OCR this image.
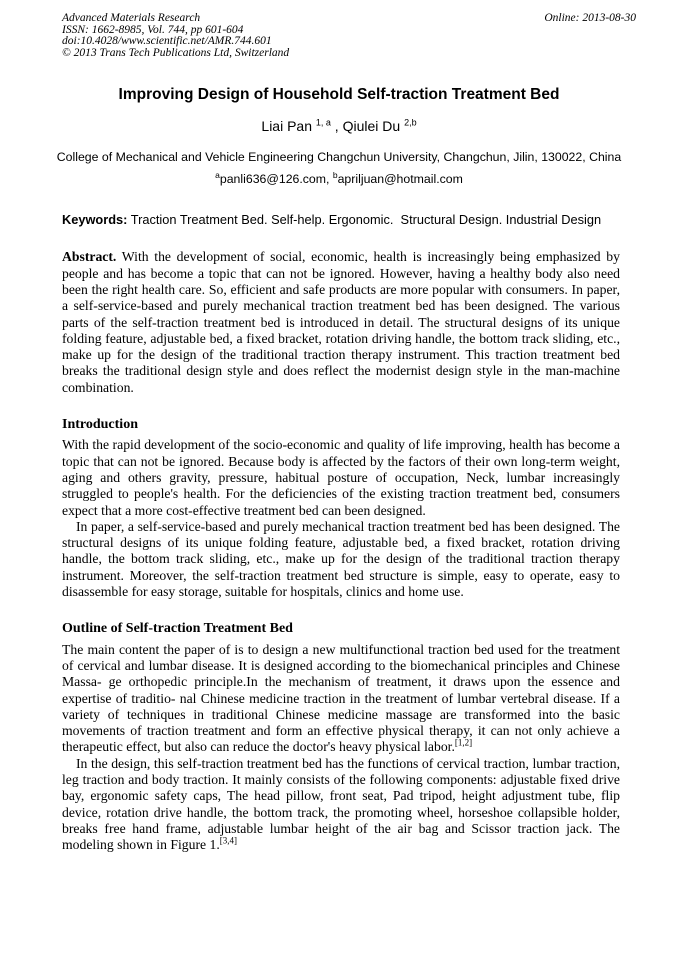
Advanced Materials Research
ISSN: 1662-8985, Vol. 744, pp 601-604
doi:10.4028/www.scientific.net/AMR.744.601
© 2013 Trans Tech Publications Ltd, Switzerland
Online: 2013-08-30
Improving Design of Household Self-traction Treatment Bed
Liai Pan $^{1, a}$ , Qiulei Du $^{2,b}$
College of Mechanical and Vehicle Engineering Changchun University, Changchun, Jilin, 130022, China
$^a$panli636@126.com, $^b$apriljuan@hotmail.com
Keywords: Traction Treatment Bed. Self-help. Ergonomic.  Structural Design. Industrial Design
Abstract. With the development of social, economic, health is increasingly being emphasized by people and has become a topic that can not be ignored. However, having a healthy body also need been the right health care. So, efficient and safe products are more popular with consumers. In paper, a self-service-based and purely mechanical traction treatment bed has been designed. The various parts of the self-traction treatment bed is introduced in detail. The structural designs of its unique folding feature, adjustable bed, a fixed bracket, rotation driving handle, the bottom track sliding, etc., make up for the design of the traditional traction therapy instrument. This traction treatment bed breaks the traditional design style and does reflect the modernist design style in the man-machine combination.
Introduction

With the rapid development of the socio-economic and quality of life improving, health has become a topic that can not be ignored. Because body is affected by the factors of their own long-term weight, aging and others gravity, pressure, habitual posture of occupation, Neck, lumbar increasingly struggled to people's health. For the deficiencies of the existing traction treatment bed, consumers expect that a more cost-effective treatment bed can been designed.

In paper, a self-service-based and purely mechanical traction treatment bed has been designed. The structural designs of its unique folding feature, adjustable bed, a fixed bracket, rotation driving handle, the bottom track sliding, etc., make up for the design of the traditional traction therapy instrument. Moreover, the self-traction treatment bed structure is simple, easy to operate, easy to disassemble for easy storage, suitable for hospitals, clinics and home use.

Outline of Self-traction Treatment Bed

The main content the paper of is to design a new multifunctional traction bed used for the treatment of cervical and lumbar disease. It is designed according to the biomechanical principles and Chinese Massa- ge orthopedic principle.In the mechanism of treatment, it draws upon the essence and expertise of traditio- nal Chinese medicine traction in the treatment of lumbar vertebral disease. If a variety of techniques in traditional Chinese medicine massage are transformed into the basic movements of traction treatment and form an effective physical therapy, it can not only achieve a therapeutic effect, but also can reduce the doctor's heavy physical labor.[1,2]

In the design, this self-traction treatment bed has the functions of cervical traction, lumbar traction, leg traction and body traction. It mainly consists of the following components: adjustable fixed drive bay, ergonomic safety caps, The head pillow, front seat, Pad tripod, height adjustment tube, flip device, rotation drive handle, the bottom track, the promoting wheel, horseshoe collapsible holder, breaks free hand frame, adjustable lumbar height of the air bag and Scissor traction jack. The modeling shown in Figure 1.[3,4]
